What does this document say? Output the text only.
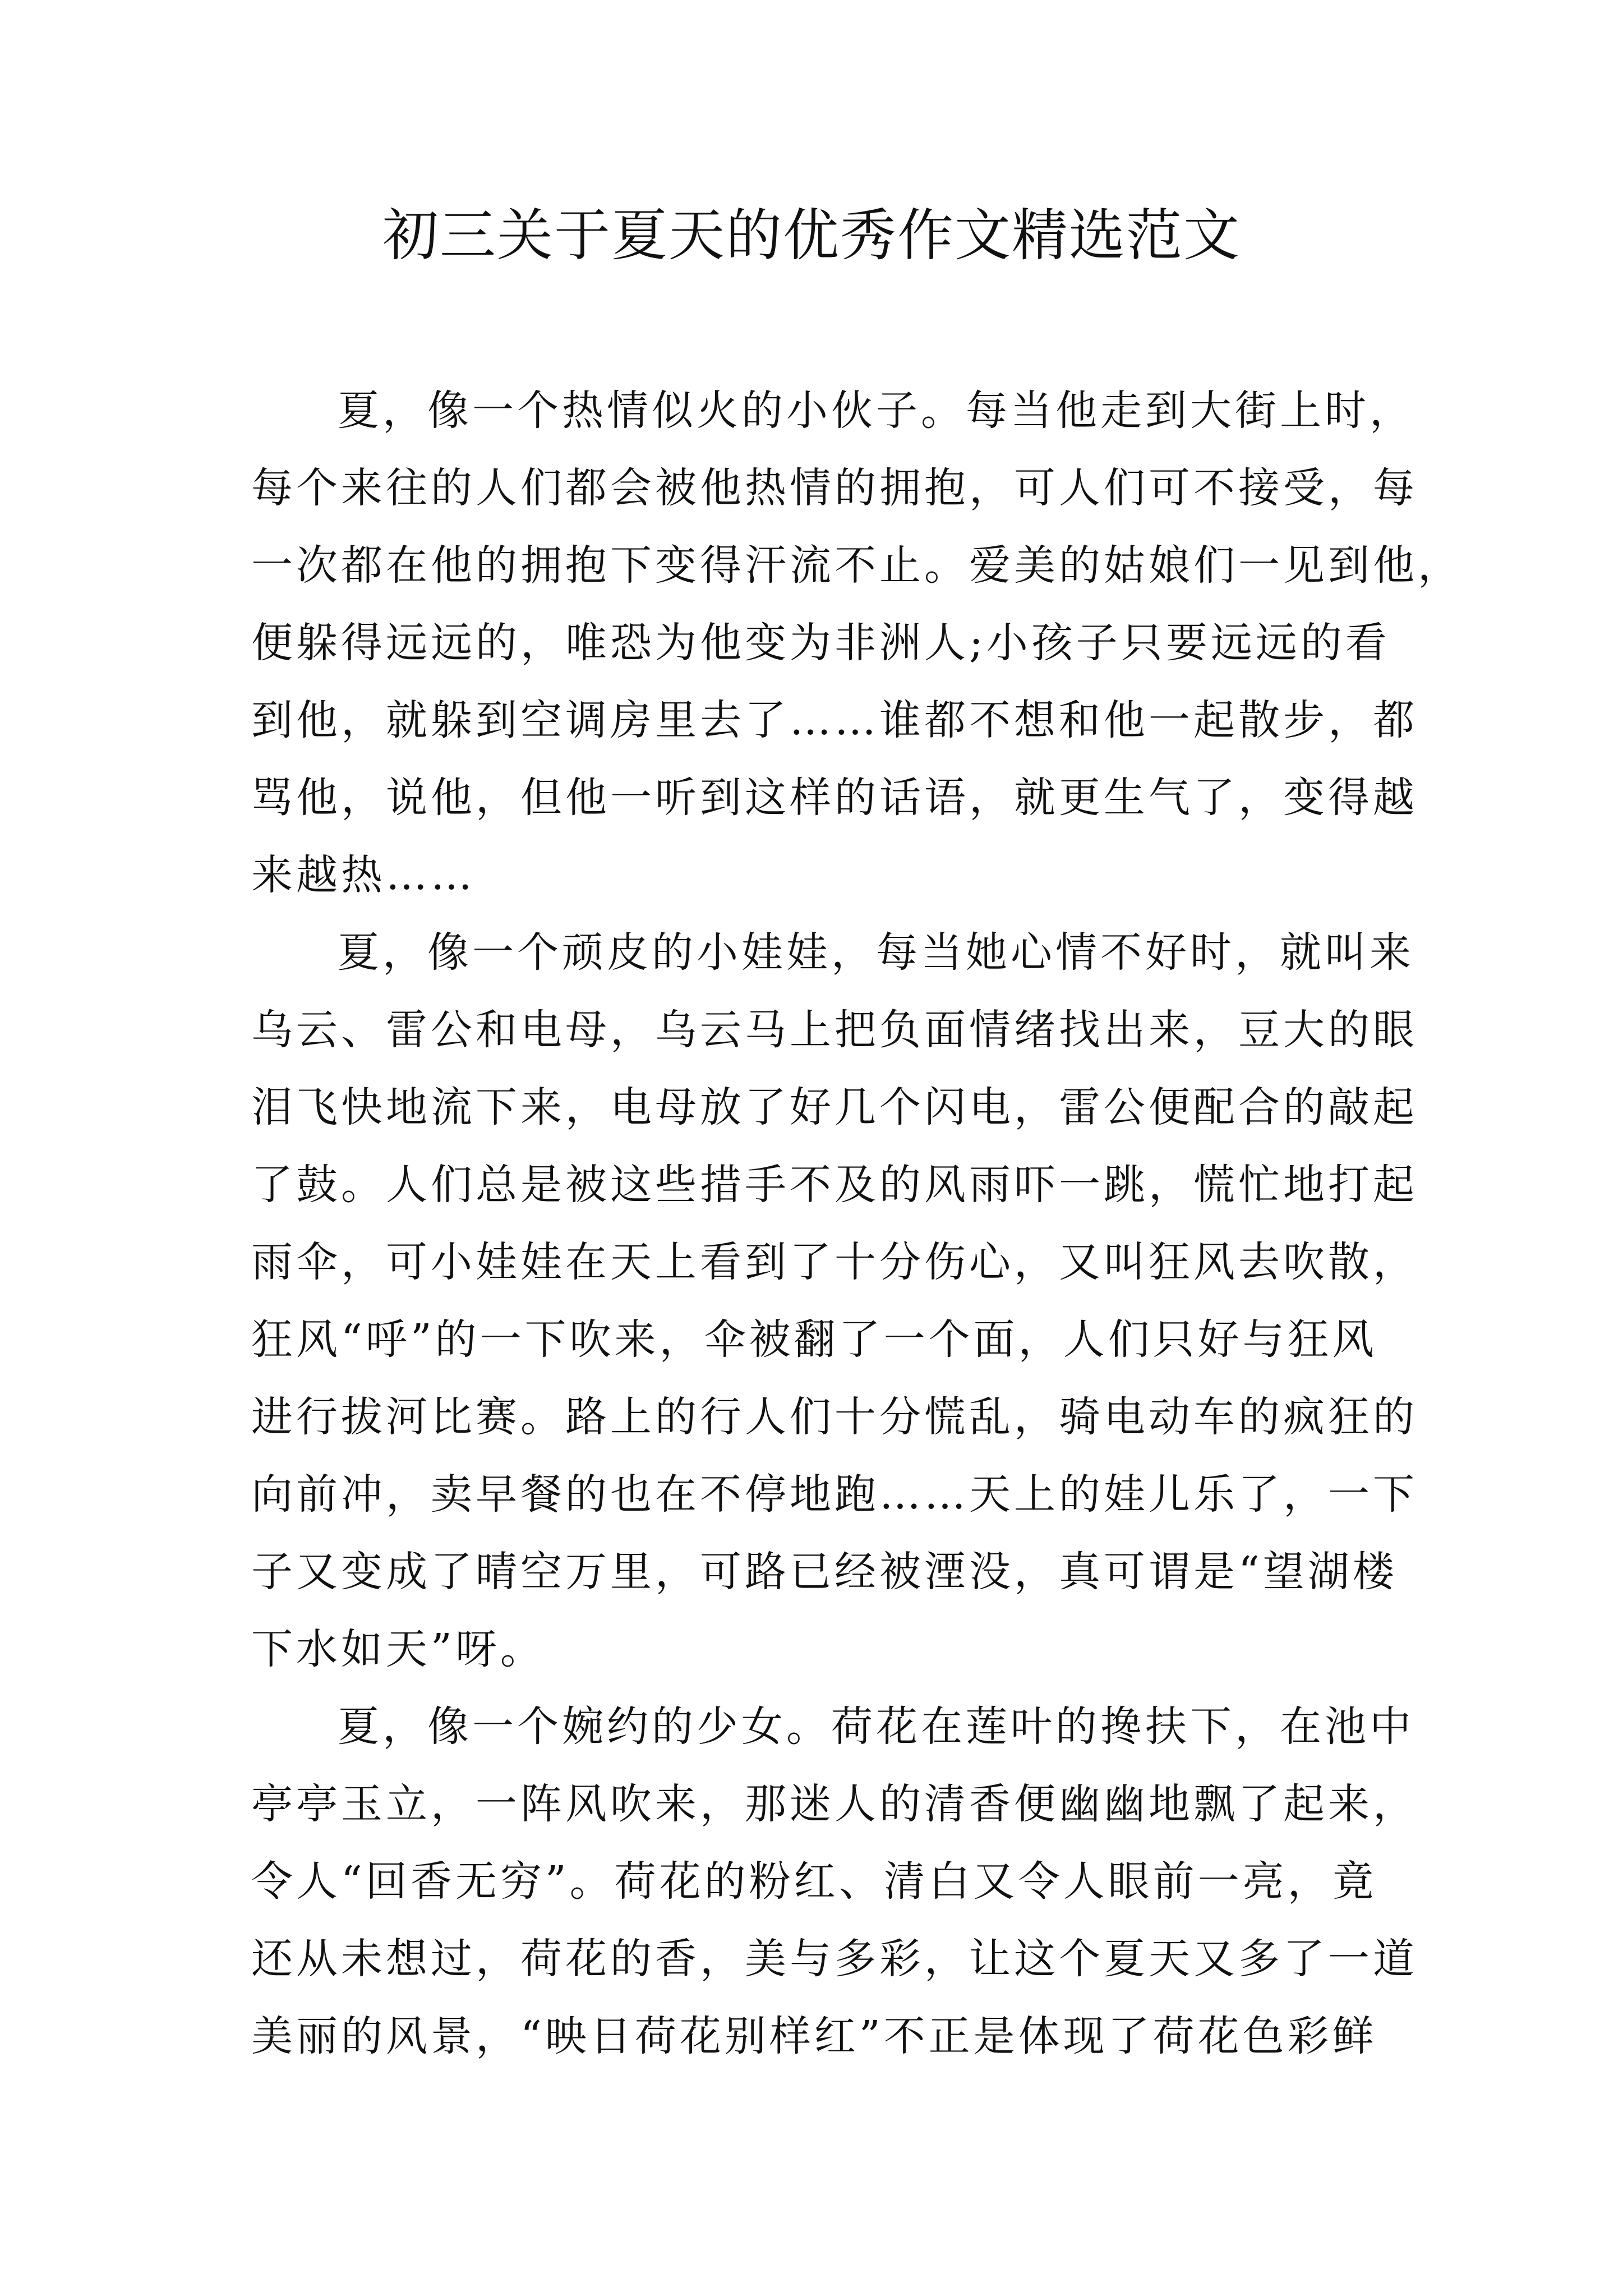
初三关于夏天的优秀作文精选范文

夏，像一个热情似火的小伙子。每当他走到大街上时，
每个来往的人们都会被他热情的拥抱，可人们可不接受，每
一次都在他的拥抱下变得汗流不止。爱美的姑娘们一见到他，
便躲得远远的，唯恐为他变为非洲人;小孩子只要远远的看
到他，就躲到空调房里去了……谁都不想和他一起散步，都
骂他，说他，但他一听到这样的话语，就更生气了，变得越
来越热……

夏，像一个顽皮的小娃娃，每当她心情不好时，就叫来
乌云、雷公和电母，乌云马上把负面情绪找出来，豆大的眼
泪飞快地流下来，电母放了好几个闪电，雷公便配合的敲起
了鼓。人们总是被这些措手不及的风雨吓一跳，慌忙地打起
雨伞，可小娃娃在天上看到了十分伤心，又叫狂风去吹散，
狂风“呼”的一下吹来，伞被翻了一个面，人们只好与狂风
进行拔河比赛。路上的行人们十分慌乱，骑电动车的疯狂的
向前冲，卖早餐的也在不停地跑……天上的娃儿乐了，一下
子又变成了晴空万里，可路已经被湮没，真可谓是“望湖楼
下水如天”呀。

夏，像一个婉约的少女。荷花在莲叶的搀扶下，在池中
亭亭玉立，一阵风吹来，那迷人的清香便幽幽地飘了起来，
令人“回香无穷”。荷花的粉红、清白又令人眼前一亮，竟
还从未想过，荷花的香，美与多彩，让这个夏天又多了一道
美丽的风景，“映日荷花别样红”不正是体现了荷花色彩鲜
